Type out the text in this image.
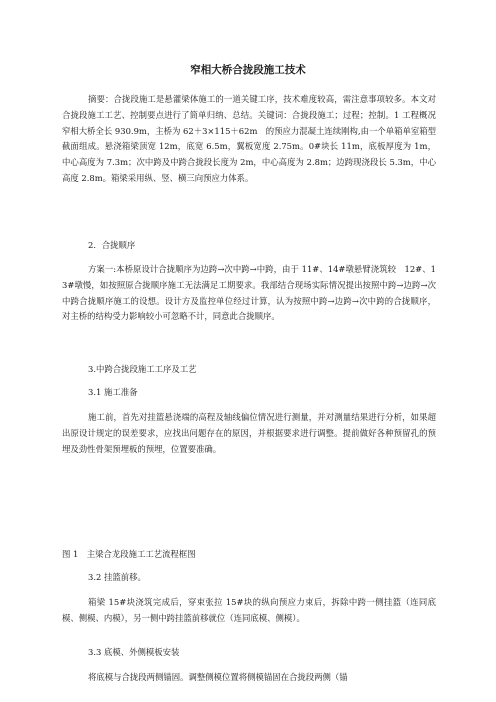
窄相大桥合拢段施工技术

摘要：合拢段施工是悬灌梁体施工的一道关键工序，技术难度较高，需注意事项较多。本文对合拢段施工工艺、控制要点进行了简单归纳、总结。关键词：合拢段施工；过程；控制。1 工程概况　窄相大桥全长 930.9m，主桥为 62＋3×115＋62m　的预应力混凝土连续刚构,由一个单箱单室箱型截面组成。悬浇箱梁顶宽 12m，底宽 6.5m，翼板宽度 2.75m。0#块长 11m，底板厚度为 1m，中心高度为 7.3m；次中跨及中跨合拢段长度为 2m，中心高度为 2.8m；边跨现浇段长 5.3m，中心高度 2.8m。箱梁采用纵、竖、横三向预应力体系。

2．合拢顺序

方案一:本桥原设计合拢顺序为边跨→次中跨→中跨，由于 11#、14#墩悬臂浇筑较　12#、13#墩慢，如按照原合拢顺序施工无法满足工期要求。我部结合现场实际情况提出按照中跨→边跨→次中跨合拢顺序施工的设想。设计方及监控单位经过计算，认为按照中跨→边跨→次中跨的合拢顺序，对主桥的结构受力影响较小可忽略不计，同意此合拢顺序。

3.中跨合拢段施工工序及工艺

3.1 施工准备

施工前，首先对挂篮悬浇端的高程及轴线偏位情况进行测量，并对测量结果进行分析，如果超出原设计规定的误差要求，应找出问题存在的原因，并根据要求进行调整。提前做好各种预留孔的预埋及劲性骨架预埋板的预埋，位置要准确。

图 1　主梁合龙段施工工艺流程框图

3.2 挂篮前移。

箱梁 15#块浇筑完成后，穿束张拉 15#块的纵向预应力束后，拆除中跨一侧挂篮（连同底模、侧模、内模），另一侧中跨挂篮前移就位（连同底模、侧模）。

3.3 底模、外侧模板安装

将底模与合拢段两侧锚固。调整侧模位置将侧模锚固在合拢段两侧（锚
